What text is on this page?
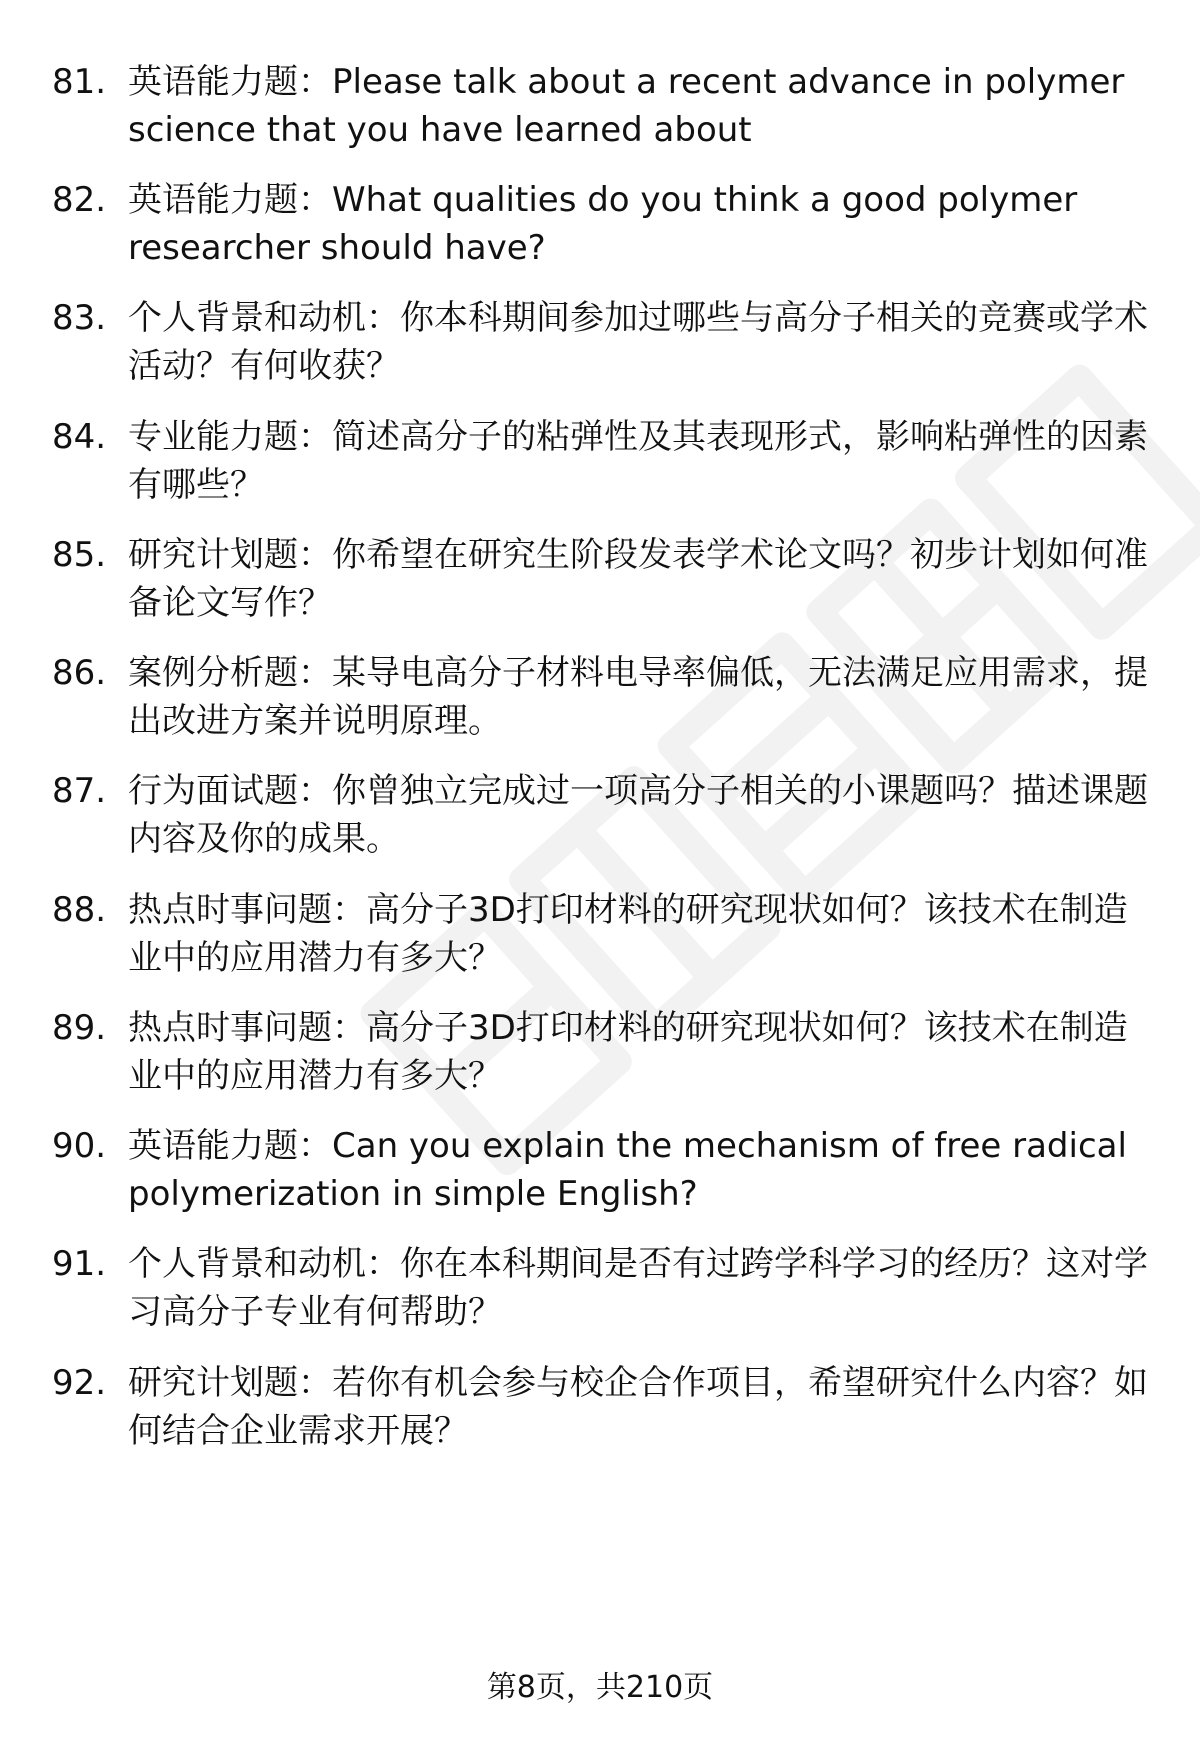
81. 英语能力题：Please talk about a recent advance in polymer science that you have learned about
82. 英语能力题：What qualities do you think a good polymer researcher should have?
83. 个人背景和动机：你本科期间参加过哪些与高分子相关的竞赛或学术活动？有何收获？
84. 专业能力题：简述高分子的粘弹性及其表现形式，影响粘弹性的因素有哪些？
85. 研究计划题：你希望在研究生阶段发表学术论文吗？初步计划如何准备论文写作？
86. 案例分析题：某导电高分子材料电导率偏低，无法满足应用需求，提出改进方案并说明原理。
87. 行为面试题：你曾独立完成过一项高分子相关的小课题吗？描述课题内容及你的成果。
88. 热点时事问题：高分子3D打印材料的研究现状如何？该技术在制造业中的应用潜力有多大？
89. 热点时事问题：高分子3D打印材料的研究现状如何？该技术在制造业中的应用潜力有多大？
90. 英语能力题：Can you explain the mechanism of free radical polymerization in simple English?
91. 个人背景和动机：你在本科期间是否有过跨学科学习的经历？这对学习高分子专业有何帮助？
92. 研究计划题：若你有机会参与校企合作项目，希望研究什么内容？如何结合企业需求开展？
第8页，共210页
